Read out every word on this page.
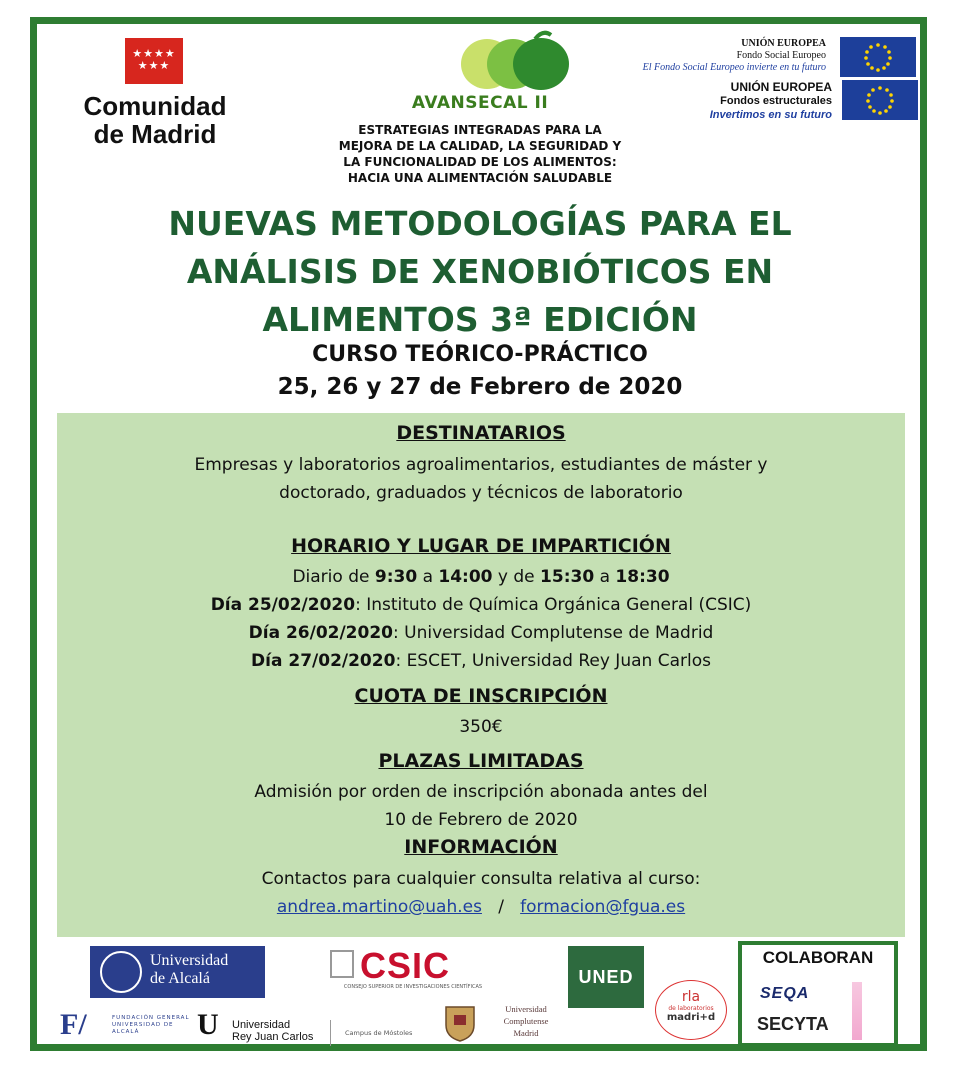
★★★★ ★★★
Comunidad
de Madrid
AVANSECAL II
ESTRATEGIAS INTEGRADAS PARA LA
MEJORA DE LA CALIDAD, LA SEGURIDAD Y
LA FUNCIONALIDAD DE LOS ALIMENTOS:
HACIA UNA ALIMENTACIÓN SALUDABLE
UNIÓN EUROPEA
Fondo Social Europeo
El Fondo Social Europeo invierte en tu futuro
UNIÓN EUROPEA
Fondos estructurales
Invertimos en su futuro
NUEVAS METODOLOGÍAS PARA EL
ANÁLISIS DE XENOBIÓTICOS EN
ALIMENTOS 3ª EDICIÓN
CURSO TEÓRICO-PRÁCTICO
25, 26 y 27 de Febrero de 2020
DESTINATARIOS
Empresas y laboratorios agroalimentarios, estudiantes de máster y
doctorado, graduados y técnicos de laboratorio
HORARIO Y LUGAR DE IMPARTICIÓN
Diario de 9:30 a 14:00 y de 15:30 a 18:30
Día 25/02/2020: Instituto de Química Orgánica General (CSIC)
Día 26/02/2020: Universidad Complutense de Madrid
Día 27/02/2020: ESCET, Universidad Rey Juan Carlos
CUOTA DE INSCRIPCIÓN
350€
PLAZAS LIMITADAS
Admisión por orden de inscripción abonada antes del
10 de Febrero de 2020
INFORMACIÓN
Contactos para cualquier consulta relativa al curso:
andrea.martino@uah.es / formacion@fgua.es
Universidad
de Alcalá	CSIC
CONSEJO SUPERIOR DE INVESTIGACIONES CIENTÍFICAS	UNED
rla
de laboratorios
madri+d
F/	FUNDACIÓN GENERAL UNIVERSIDAD DE ALCALÁ	U Universidad
Rey Juan Carlos	Campus de Móstoles
Universidad
Complutense
Madrid
COLABORAN
SEQA
SECYTA
